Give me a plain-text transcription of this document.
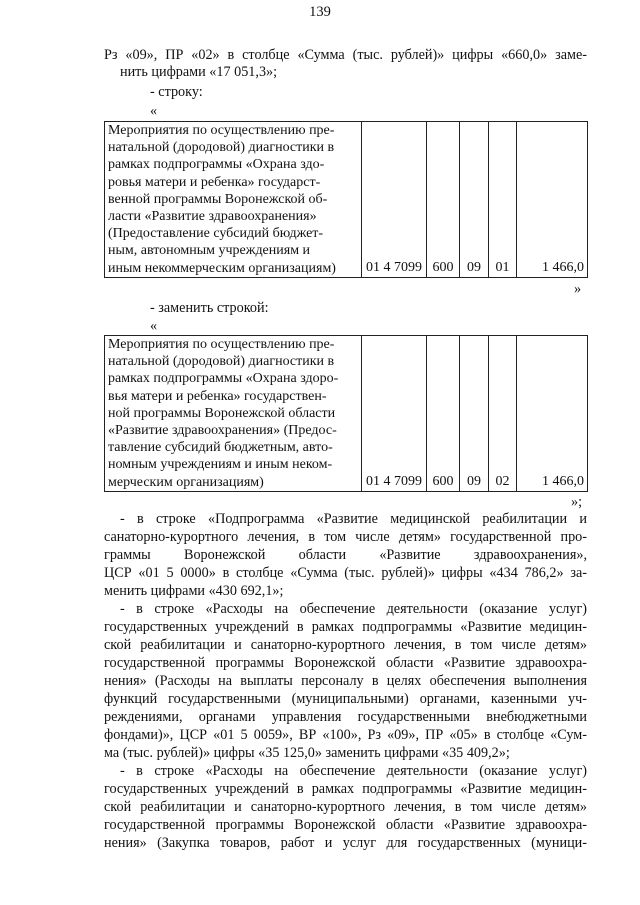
139
Рз «09», ПР «02» в столбце «Сумма (тыс. рублей)» цифры «660,0» заме-
нить цифрами «17 051,3»;
- строку:
«
Мероприятия по осуществлению пре-
натальной (дородовой) диагностики в
рамках подпрограммы «Охрана здо-
ровья матери и ребенка» государст-
венной программы Воронежской об-
ласти «Развитие здравоохранения»
(Предоставление субсидий бюджет-
ным, автономным учреждениям и
иным некоммерческим организациям)	01 4 7099	600	09	01	1 466,0
»
- заменить строкой:
«
Мероприятия по осуществлению пре-
натальной (дородовой) диагностики в
рамках подпрограммы «Охрана здоро-
вья матери и ребенка» государствен-
ной программы Воронежской области
«Развитие здравоохранения» (Предос-
тавление субсидий бюджетным, авто-
номным учреждениям и иным неком-
мерческим организациям)	01 4 7099	600	09	02	1 466,0
»;
- в строке «Подпрограмма «Развитие медицинской реабилитации и
санаторно-курортного лечения, в том числе детям» государственной про-
граммы Воронежской области «Развитие здравоохранения»,
ЦСР «01 5 0000» в столбце «Сумма (тыс. рублей)» цифры «434 786,2» за-
менить цифрами «430 692,1»;
- в строке «Расходы на обеспечение деятельности (оказание услуг)
государственных учреждений в рамках подпрограммы «Развитие медицин-
ской реабилитации и санаторно-курортного лечения, в том числе детям»
государственной программы Воронежской области «Развитие здравоохра-
нения» (Расходы на выплаты персоналу в целях обеспечения выполнения
функций государственными (муниципальными) органами, казенными уч-
реждениями, органами управления государственными внебюджетными
фондами)», ЦСР «01 5 0059», ВР «100», Рз «09», ПР «05» в столбце «Сум-
ма (тыс. рублей)» цифры «35 125,0» заменить цифрами «35 409,2»;
- в строке «Расходы на обеспечение деятельности (оказание услуг)
государственных учреждений в рамках подпрограммы «Развитие медицин-
ской реабилитации и санаторно-курортного лечения, в том числе детям»
государственной программы Воронежской области «Развитие здравоохра-
нения» (Закупка товаров, работ и услуг для государственных (муници-
